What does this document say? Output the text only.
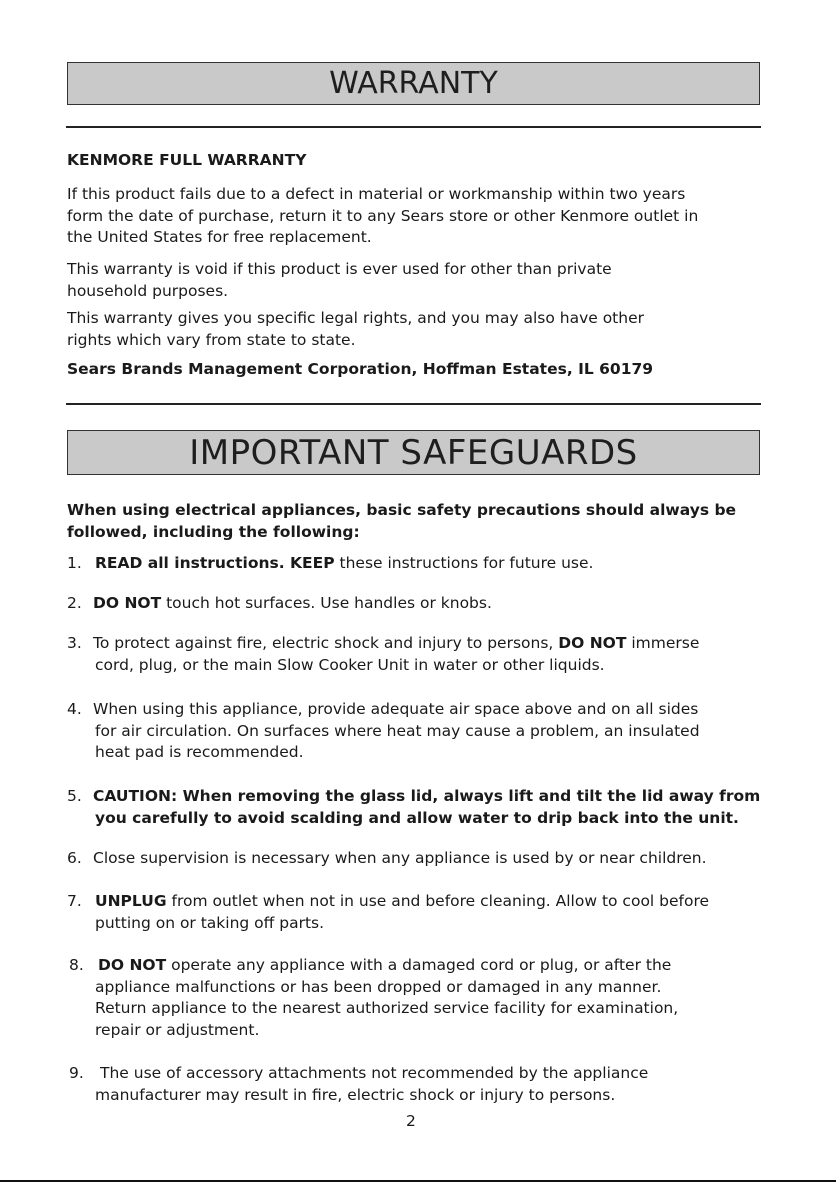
WARRANTY
KENMORE FULL WARRANTY
If this product fails due to a defect in material or workmanship within two years
form the date of purchase, return it to any Sears store or other Kenmore outlet in
the United States for free replacement.
This warranty is void if this product is ever used for other than private
household purposes.
This warranty gives you specific legal rights, and you may also have other
rights which vary from state to state.
Sears Brands Management Corporation, Hoffman Estates, IL 60179
IMPORTANT SAFEGUARDS
When using electrical appliances, basic safety precautions should always be
followed, including the following:
1. READ all instructions. KEEP these instructions for future use.
2. DO NOT touch hot surfaces. Use handles or knobs.
3. To protect against fire, electric shock and injury to persons, DO NOT immerse
cord, plug, or the main Slow Cooker Unit in water or other liquids.
4. When using this appliance, provide adequate air space above and on all sides
for air circulation. On surfaces where heat may cause a problem, an insulated
heat pad is recommended.
5. CAUTION: When removing the glass lid, always lift and tilt the lid away from
you carefully to avoid scalding and allow water to drip back into the unit.
6. Close supervision is necessary when any appliance is used by or near children.
7. UNPLUG from outlet when not in use and before cleaning. Allow to cool before
putting on or taking off parts.
8. DO NOT operate any appliance with a damaged cord or plug, or after the
appliance malfunctions or has been dropped or damaged in any manner.
Return appliance to the nearest authorized service facility for examination,
repair or adjustment.
9. The use of accessory attachments not recommended by the appliance
manufacturer may result in fire, electric shock or injury to persons.
2
